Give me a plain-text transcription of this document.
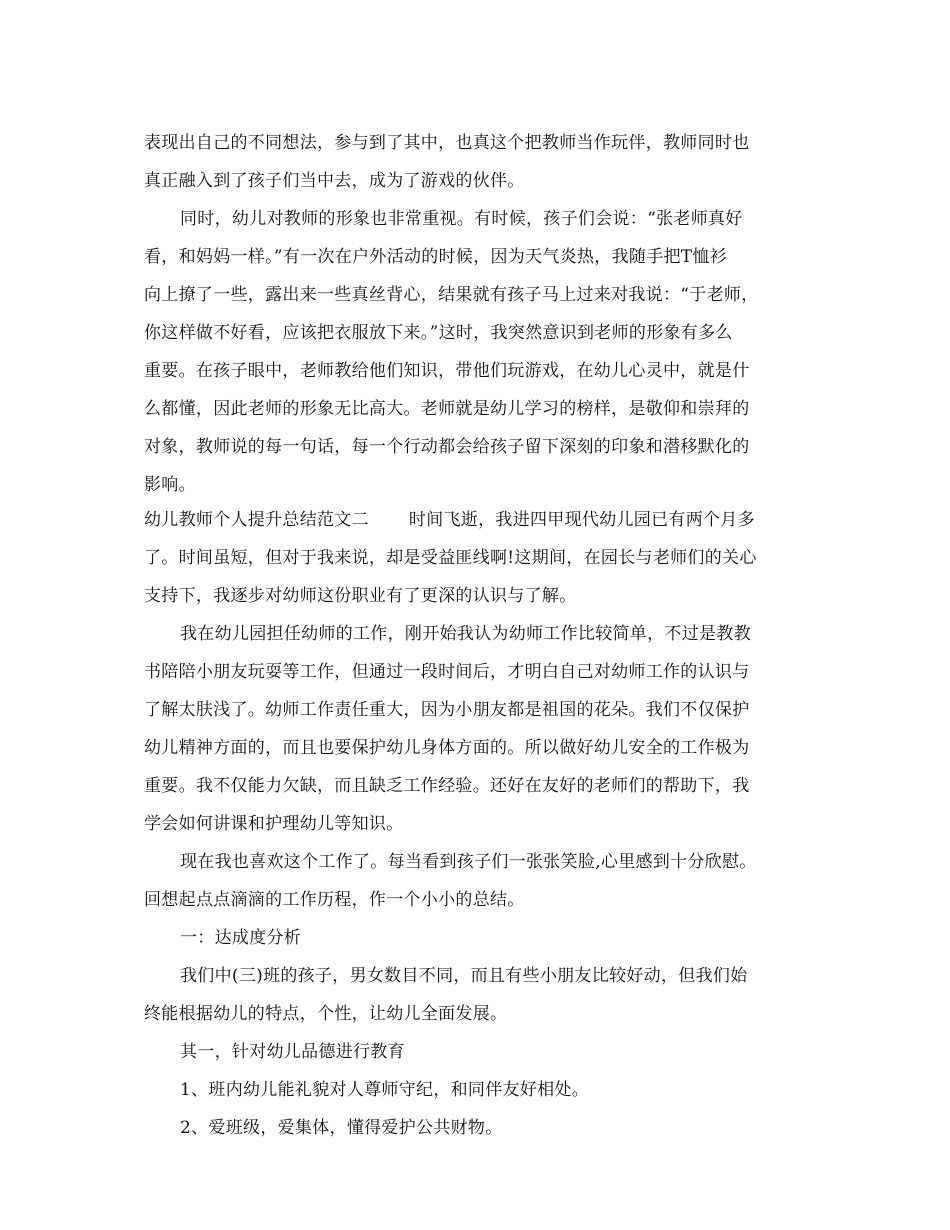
表现出自己的不同想法，参与到了其中，也真这个把教师当作玩伴，教师同时也
真正融入到了孩子们当中去，成为了游戏的伙伴。
同时，幼儿对教师的形象也非常重视。有时候，孩子们会说：“张老师真好
看，和妈妈一样。”有一次在户外活动的时候，因为天气炎热，我随手把T恤衫
向上撩了一些，露出来一些真丝背心，结果就有孩子马上过来对我说：“于老师，
你这样做不好看，应该把衣服放下来。”这时，我突然意识到老师的形象有多么
重要。在孩子眼中，老师教给他们知识，带他们玩游戏，在幼儿心灵中，就是什
么都懂，因此老师的形象无比高大。老师就是幼儿学习的榜样，是敬仰和崇拜的
对象，教师说的每一句话，每一个行动都会给孩子留下深刻的印象和潜移默化的
影响。
幼儿教师个人提升总结范文二 时间飞逝，我进四甲现代幼儿园已有两个月多
了。时间虽短，但对于我来说，却是受益匪线啊!这期间，在园长与老师们的关心
支持下，我逐步对幼师这份职业有了更深的认识与了解。
我在幼儿园担任幼师的工作，刚开始我认为幼师工作比较简单，不过是教教
书陪陪小朋友玩耍等工作，但通过一段时间后，才明白自己对幼师工作的认识与
了解太肤浅了。幼师工作责任重大，因为小朋友都是祖国的花朵。我们不仅保护
幼儿精神方面的，而且也要保护幼儿身体方面的。所以做好幼儿安全的工作极为
重要。我不仅能力欠缺，而且缺乏工作经验。还好在友好的老师们的帮助下，我
学会如何讲课和护理幼儿等知识。
现在我也喜欢这个工作了。每当看到孩子们一张张笑脸,心里感到十分欣慰。
回想起点点滴滴的工作历程，作一个小小的总结。
一：达成度分析
我们中(三)班的孩子，男女数目不同，而且有些小朋友比较好动，但我们始
终能根据幼儿的特点，个性，让幼儿全面发展。
其一，针对幼儿品德进行教育
1、班内幼儿能礼貌对人尊师守纪，和同伴友好相处。
2、爱班级，爱集体，懂得爱护公共财物。
